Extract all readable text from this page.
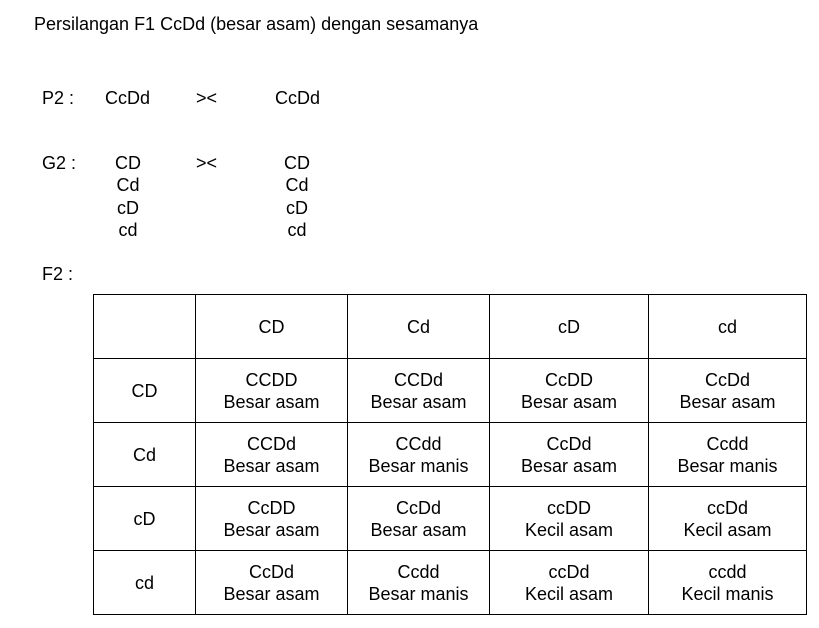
Persilangan F1 CcDd (besar asam) dengan sesamanya
P2 : CcDd	><	CcDd
G2 :	CD
Cd
cD
cd
><	CD
Cd
cD
cd
F2 :
	CD	Cd	cD	cd
CD	CCDD
Besar asam	CCDd
Besar asam	CcDD
Besar asam	CcDd
Besar asam

Cd	CCDd
Besar asam	CCdd
Besar manis	CcDd
Besar asam	Ccdd
Besar manis

cD	CcDD
Besar asam	CcDd
Besar asam	ccDD
Kecil asam	ccDd
Kecil asam

cd	CcDd
Besar asam	Ccdd
Besar manis	ccDd
Kecil asam	ccdd
Kecil manis
